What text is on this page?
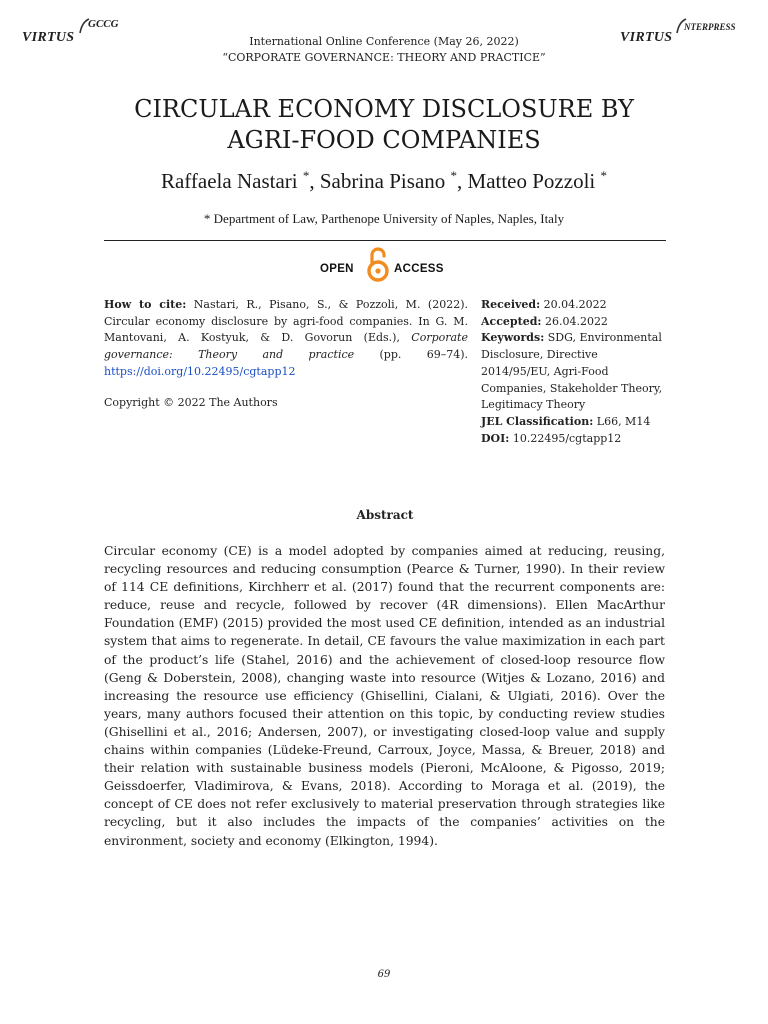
VIRTUS
GCCG
VIRTUS
NTERPRESS
International Online Conference (May 26, 2022)
“CORPORATE GOVERNANCE: THEORY AND PRACTICE”
CIRCULAR ECONOMY DISCLOSURE BY
AGRI-FOOD COMPANIES
Raffaela Nastari *, Sabrina Pisano *, Matteo Pozzoli *
* Department of Law, Parthenope University of Naples, Naples, Italy
OPEN	ACCESS
How to cite: Nastari, R., Pisano, S., & Pozzoli, M. (2022). Circular economy disclosure by agri-food companies. In G. M. Mantovani, A. Kostyuk, & D. Govorun (Eds.), Corporate governance: Theory and practice (pp. 69–74). https://doi.org/10.22495/cgtapp12
Copyright © 2022 The Authors
Received: 20.04.2022
Accepted: 26.04.2022
Keywords: SDG, Environmental Disclosure, Directive 2014/95/EU, Agri-Food Companies, Stakeholder Theory, Legitimacy Theory
JEL Classification: L66, M14
DOI: 10.22495/cgtapp12
Abstract
Circular economy (CE) is a model adopted by companies aimed at reducing, reusing, recycling resources and reducing consumption (Pearce & Turner, 1990). In their review of 114 CE definitions, Kirchherr et al. (2017) found that the recurrent components are: reduce, reuse and recycle, followed by recover (4R dimensions). Ellen MacArthur Foundation (EMF) (2015) provided the most used CE definition, intended as an industrial system that aims to regenerate. In detail, CE favours the value maximization in each part of the product’s life (Stahel, 2016) and the achievement of closed-loop resource flow (Geng & Doberstein, 2008), changing waste into resource (Witjes & Lozano, 2016) and increasing the resource use efficiency (Ghisellini, Cialani, & Ulgiati, 2016). Over the years, many authors focused their attention on this topic, by conducting review studies (Ghisellini et al., 2016; Andersen, 2007), or investigating closed-loop value and supply chains within companies (Lüdeke-Freund, Carroux, Joyce, Massa, & Breuer, 2018) and their relation with sustainable business models (Pieroni, McAloone, & Pigosso, 2019; Geissdoerfer, Vladimirova, & Evans, 2018). According to Moraga et al. (2019), the concept of CE does not refer exclusively to material preservation through strategies like recycling, but it also includes the impacts of the companies’ activities on the environment, society and economy (Elkington, 1994).
69
